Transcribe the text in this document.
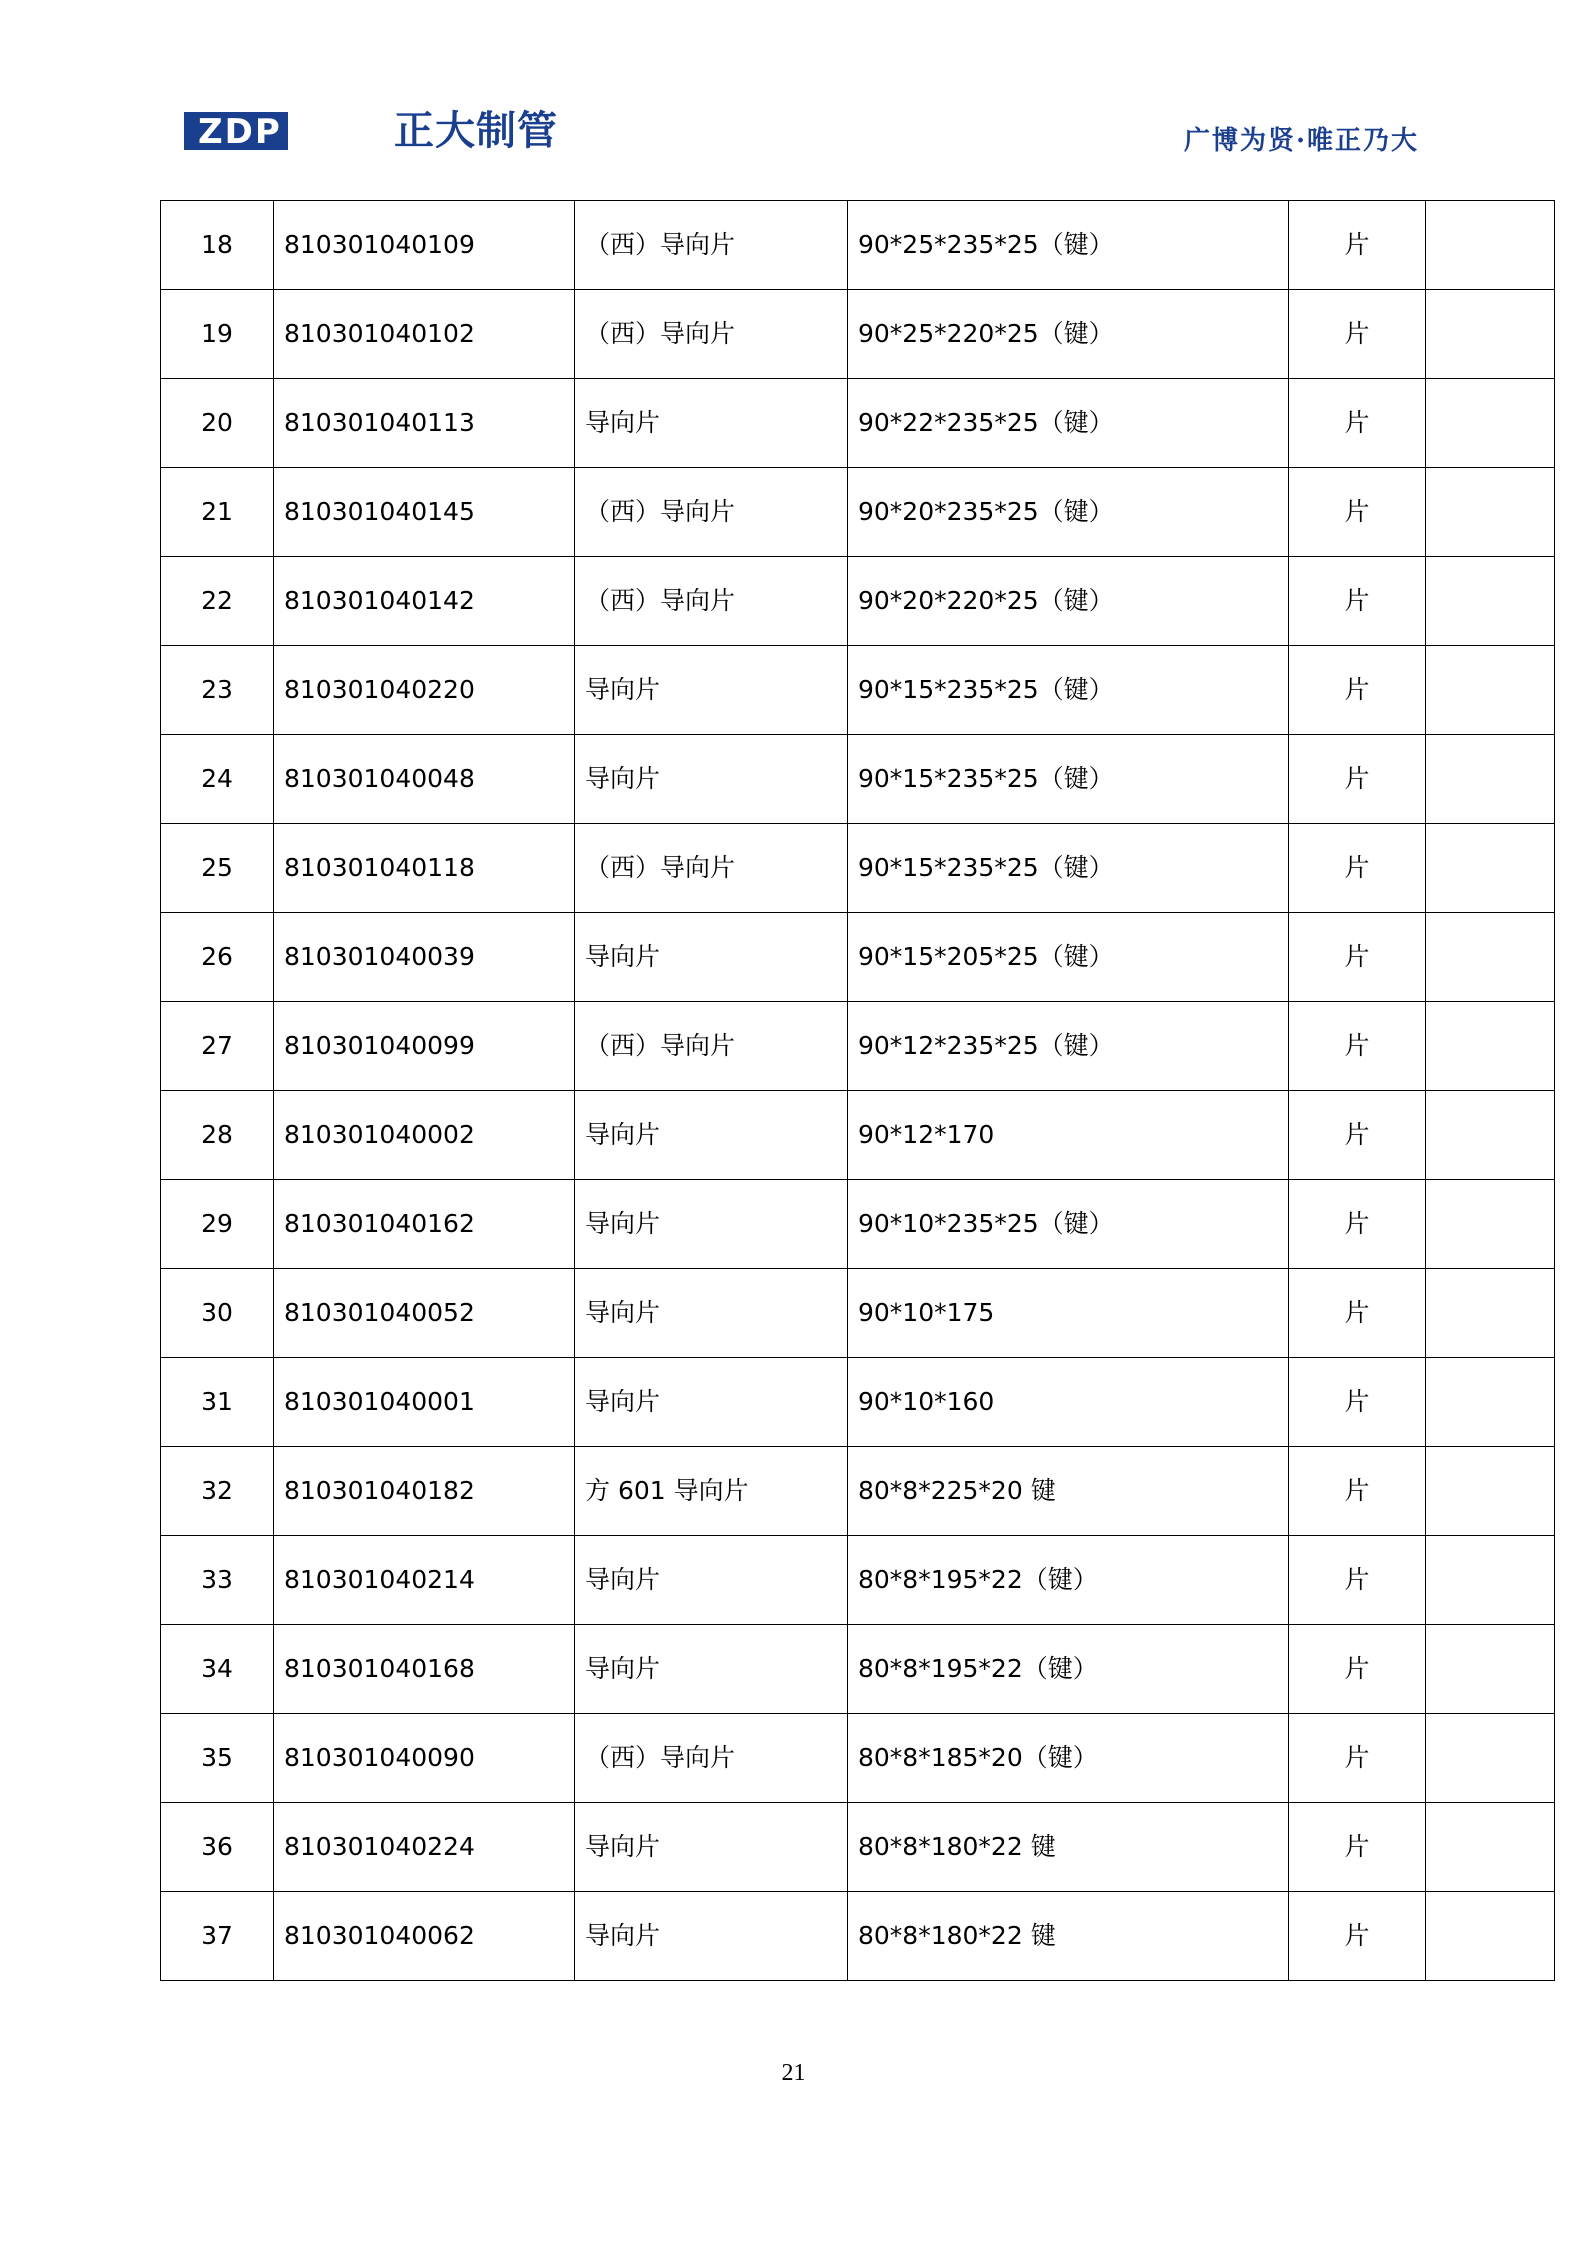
ZDP	正大制管	广博为贤·唯正乃大
18	810301040109	（西）导向片	90*25*235*25（键）	片	
19	810301040102	（西）导向片	90*25*220*25（键）	片	
20	810301040113	导向片	90*22*235*25（键）	片	
21	810301040145	（西）导向片	90*20*235*25（键）	片	
22	810301040142	（西）导向片	90*20*220*25（键）	片	
23	810301040220	导向片	90*15*235*25（键）	片	
24	810301040048	导向片	90*15*235*25（键）	片	
25	810301040118	（西）导向片	90*15*235*25（键）	片	
26	810301040039	导向片	90*15*205*25（键）	片	
27	810301040099	（西）导向片	90*12*235*25（键）	片	
28	810301040002	导向片	90*12*170	片	
29	810301040162	导向片	90*10*235*25（键）	片	
30	810301040052	导向片	90*10*175	片	
31	810301040001	导向片	90*10*160	片	
32	810301040182	方 601 导向片	80*8*225*20 键	片	
33	810301040214	导向片	80*8*195*22（键）	片	
34	810301040168	导向片	80*8*195*22（键）	片	
35	810301040090	（西）导向片	80*8*185*20（键）	片	
36	810301040224	导向片	80*8*180*22 键	片	
37	810301040062	导向片	80*8*180*22 键	片	
21
